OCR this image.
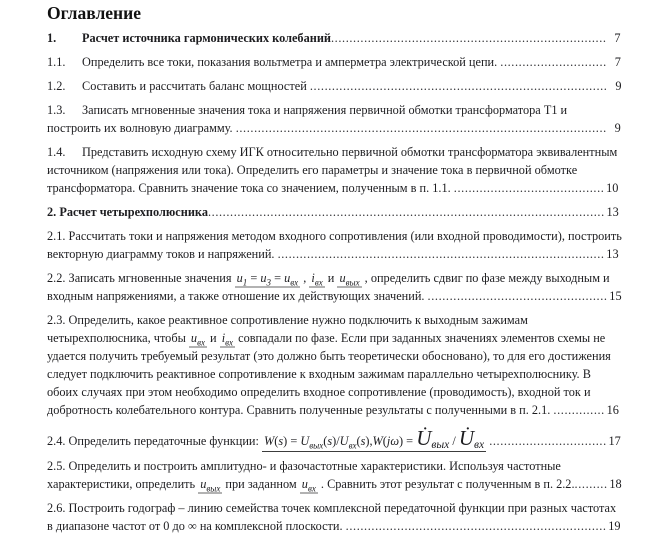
Оглавление
1. Расчет источника гармонических колебаний........................................................................... 7
1.1. Определить все токи, показания вольтметра и амперметра электрической цепи. ............................. 7
1.2. Составить и рассчитать баланс мощностей ................................................................................. 9
1.3. Записать мгновенные значения тока и напряжения первичной обмотки трансформатора Т1 и построить их волновую диаграмму. ..................................................................................................... 9
1.4. Представить исходную схему ИГК относительно первичной обмотки трансформатора эквивалентным источником (напряжения или тока). Определить его параметры и значение тока в первичной обмотке трансформатора. Сравнить значение тока со значением, полученным в п. 1.1. ......................................... 10
2. Расчет четырехполюсника............................................................................................................ 13
2.1. Рассчитать токи и напряжения методом входного сопротивления (или входной проводимости), построить векторную диаграмму токов и напряжений. ......................................................................................... 13
2.2. Записать мгновенные значения $u_1 = u_3 = u_{вх}$ , $i_{вх}$ и $u_{вых}$ , определить сдвиг по фазе между выходным и входным напряжениями, а также отношение их действующих значений. ................................................. 15
2.3. Определить, какое реактивное сопротивление нужно подключить к выходным зажимам четырехполюсника, чтобы $u_{вх}$ и $i_{вх}$ совпадали по фазе. Если при заданных значениях элементов схемы не удается получить требуемый результат (это должно быть теоретически обосновано), то для его достижения следует подключить реактивное сопротивление к входным зажимам параллельно четырехполюснику. В обоих случаях при этом необходимо определить входное сопротивление (проводимость), входной ток и добротность колебательного контура. Сравнить полученные результаты с полученными в п. 2.1. .............. 16
2.4. Определить передаточные функции: $W(s) = U_{вых}(s)/U_{вх}(s),W(j\omega)$ = $U̇_{вых}$ / $U̇_{вх}$ ................................ 17
2.5. Определить и построить амплитудно- и фазочастотные характеристики. Используя частотные характеристики, определить $u_{вых}$ при заданном $u_{вх}$ . Сравнить этот результат с полученным в п. 2.2.......... 18
2.6. Построить годограф – линию семейства точек комплексной передаточной функции при разных частотах в диапазоне частот от 0 до ∞ на комплексной плоскости. ....................................................................... 19
